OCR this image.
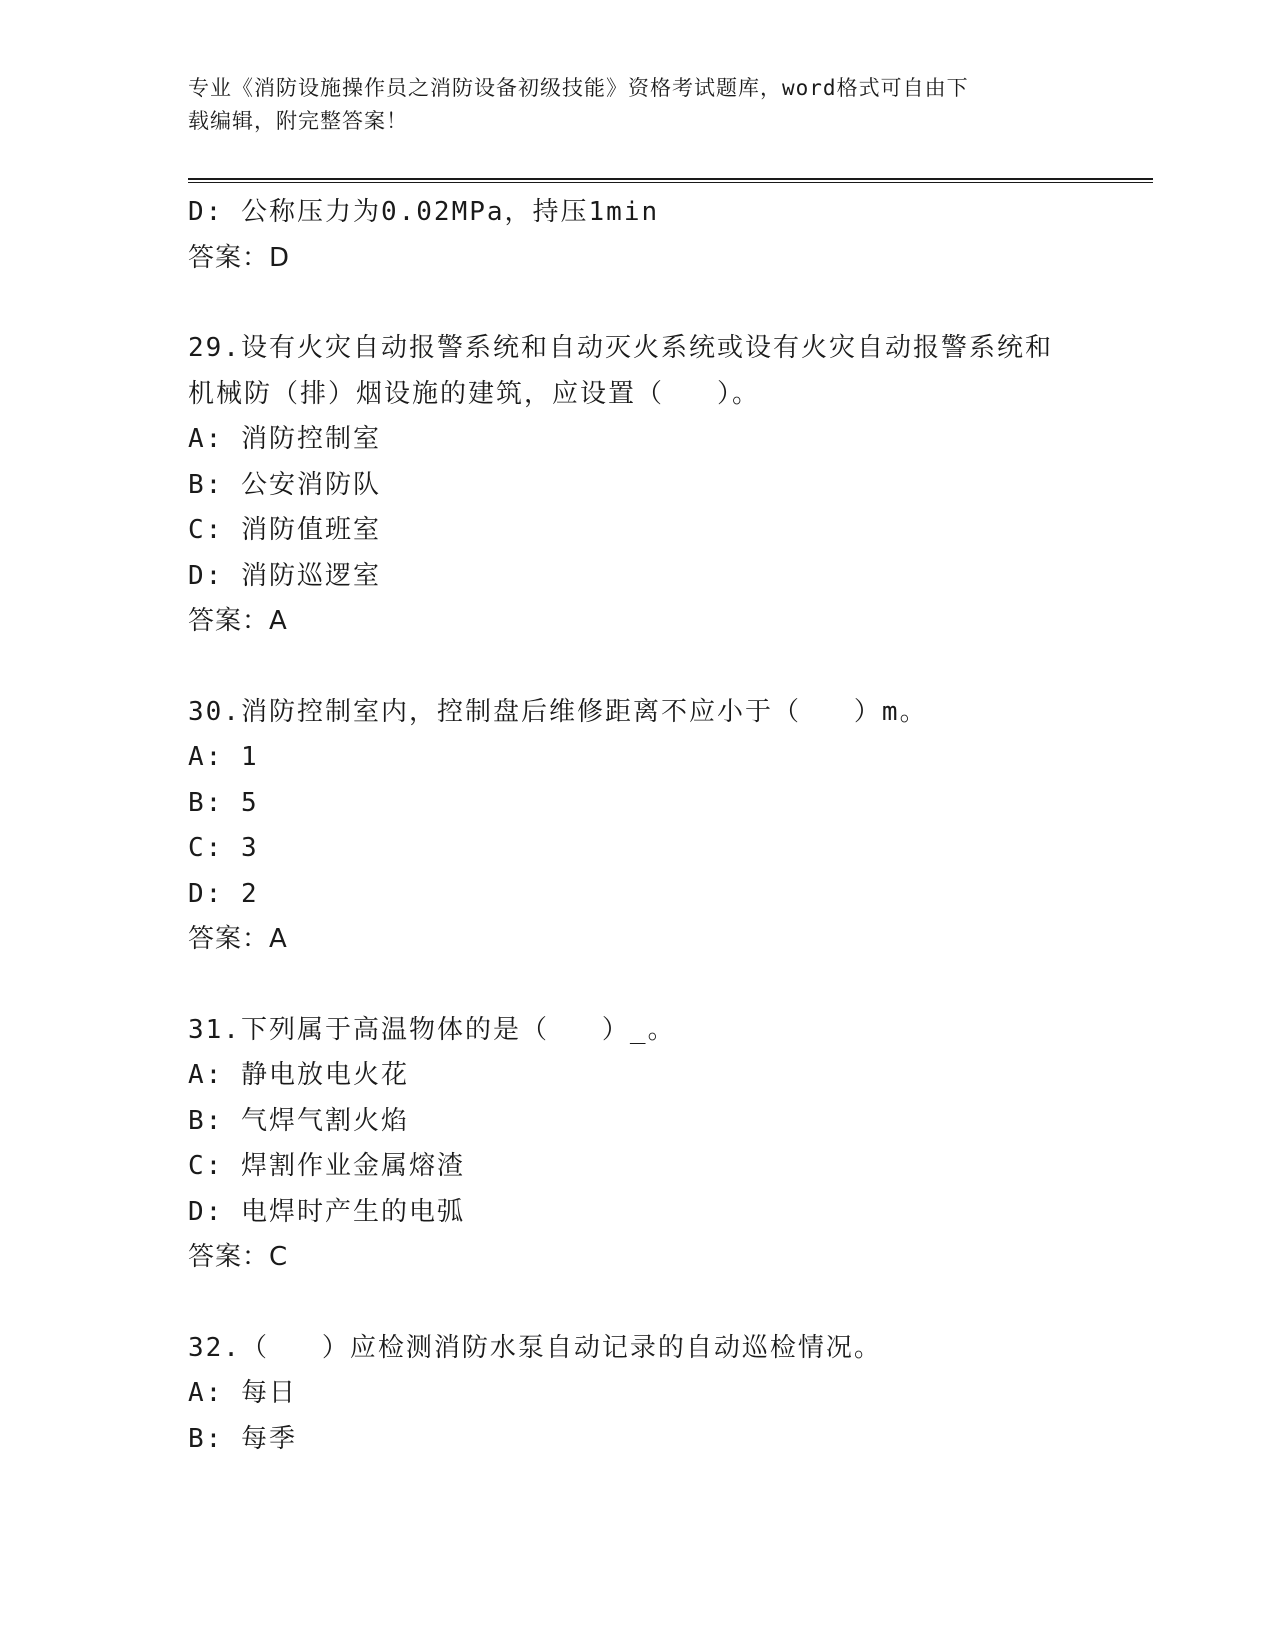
专业《消防设施操作员之消防设备初级技能》资格考试题库，word格式可自由下
载编辑，附完整答案！

D: 公称压力为0.02MPa，持压1min

答案：D

29.设有火灾自动报警系统和自动灭火系统或设有火灾自动报警系统和

机械防（排）烟设施的建筑，应设置（   ）。

A: 消防控制室

B: 公安消防队

C: 消防值班室

D: 消防巡逻室

答案：A

30.消防控制室内，控制盘后维修距离不应小于（   ）m。

A: 1

B: 5

C: 3

D: 2

答案：A

31.下列属于高温物体的是（   ）_。

A: 静电放电火花

B: 气焊气割火焰

C: 焊割作业金属熔渣

D: 电焊时产生的电弧

答案：C

32.（   ）应检测消防水泵自动记录的自动巡检情况。

A: 每日

B: 每季
